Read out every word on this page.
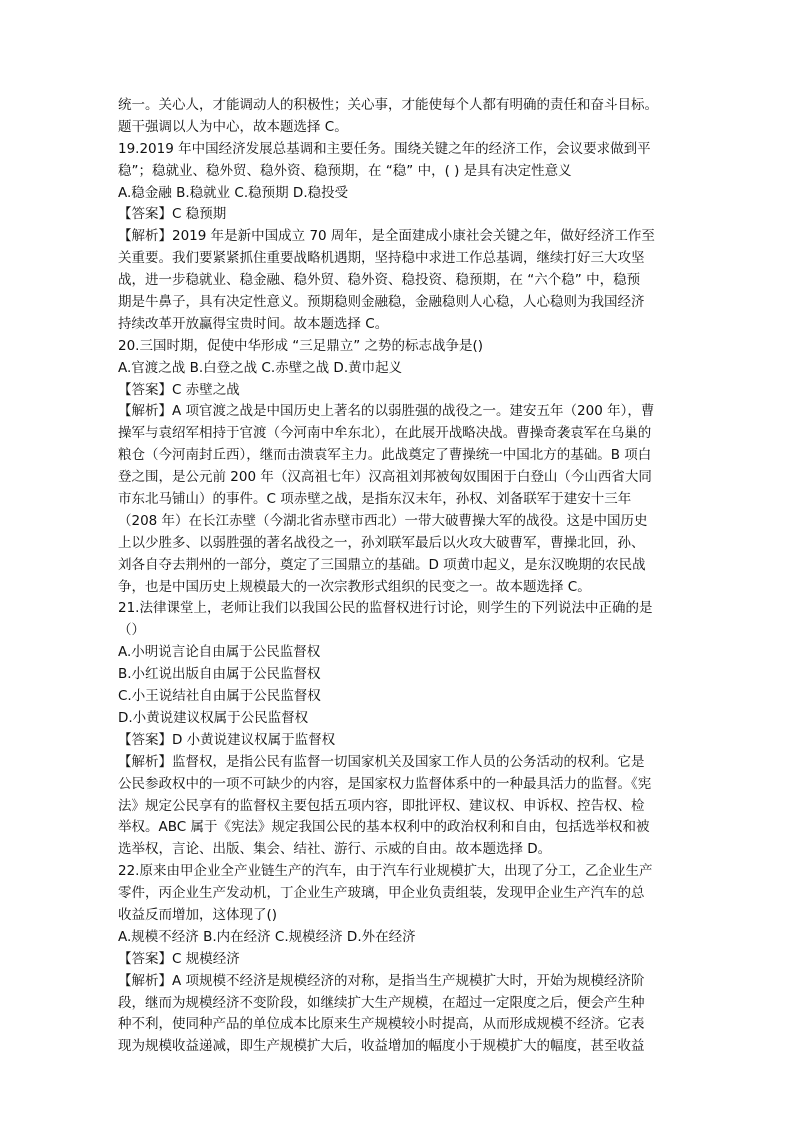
统一。关心人，才能调动人的积极性；关心事，才能使每个人都有明确的责任和奋斗目标。
题干强调以人为中心，故本题选择 C。
19.2019 年中国经济发展总基调和主要任务。围绕关键之年的经济工作，会议要求做到平
稳”；稳就业、稳外贸、稳外资、稳预期，在 “稳” 中，( ) 是具有决定性意义
A.稳金融 B.稳就业 C.稳预期 D.稳投受
【答案】C 稳预期
【解析】2019 年是新中国成立 70 周年，是全面建成小康社会关键之年，做好经济工作至
关重要。我们要紧紧抓住重要战略机遇期，坚持稳中求进工作总基调，继续打好三大攻坚
战，进一步稳就业、稳金融、稳外贸、稳外资、稳投资、稳预期，在 “六个稳” 中，稳预
期是牛鼻子，具有决定性意义。预期稳则金融稳，金融稳则人心稳，人心稳则为我国经济
持续改革开放赢得宝贵时间。故本题选择 C。
20.三国时期，促使中华形成 “三足鼎立” 之势的标志战争是()
A.官渡之战 B.白登之战 C.赤壁之战 D.黄巾起义
【答案】C 赤壁之战
【解析】A 项官渡之战是中国历史上著名的以弱胜强的战役之一。建安五年（200 年），曹
操军与袁绍军相持于官渡（今河南中牟东北），在此展开战略决战。曹操奇袭袁军在乌巢的
粮仓（今河南封丘西），继而击溃袁军主力。此战奠定了曹操统一中国北方的基础。B 项白
登之围，是公元前 200 年（汉高祖七年）汉高祖刘邦被匈奴围困于白登山（今山西省大同
市东北马铺山）的事件。C 项赤壁之战，是指东汉末年，孙权、刘备联军于建安十三年
（208 年）在长江赤壁（今湖北省赤壁市西北）一带大破曹操大军的战役。这是中国历史
上以少胜多、以弱胜强的著名战役之一，孙刘联军最后以火攻大破曹军，曹操北回，孙、
刘各自夺去荆州的一部分，奠定了三国鼎立的基础。D 项黄巾起义，是东汉晚期的农民战
争，也是中国历史上规模最大的一次宗教形式组织的民变之一。故本题选择 C。
21.法律课堂上，老师让我们以我国公民的监督权进行讨论，则学生的下列说法中正确的是
（）
A.小明说言论自由属于公民监督权
B.小红说出版自由属于公民监督权
C.小王说结社自由属于公民监督权
D.小黄说建议权属于公民监督权
【答案】D 小黄说建议权属于监督权
【解析】监督权，是指公民有监督一切国家机关及国家工作人员的公务活动的权利。它是
公民参政权中的一项不可缺少的内容，是国家权力监督体系中的一种最具活力的监督。《宪
法》规定公民享有的监督权主要包括五项内容，即批评权、建议权、申诉权、控告权、检
举权。ABC 属于《宪法》规定我国公民的基本权利中的政治权利和自由，包括选举权和被
选举权，言论、出版、集会、结社、游行、示威的自由。故本题选择 D。
22.原来由甲企业全产业链生产的汽车，由于汽车行业规模扩大，出现了分工，乙企业生产
零件，丙企业生产发动机，丁企业生产玻璃，甲企业负责组装，发现甲企业生产汽车的总
收益反而增加，这体现了()
A.规模不经济 B.内在经济 C.规模经济 D.外在经济
【答案】C 规模经济
【解析】A 项规模不经济是规模经济的对称，是指当生产规模扩大时，开始为规模经济阶
段，继而为规模经济不变阶段，如继续扩大生产规模，在超过一定限度之后，便会产生种
种不利，使同种产品的单位成本比原来生产规模较小时提高，从而形成规模不经济。它表
现为规模收益递减，即生产规模扩大后，收益增加的幅度小于规模扩大的幅度，甚至收益
